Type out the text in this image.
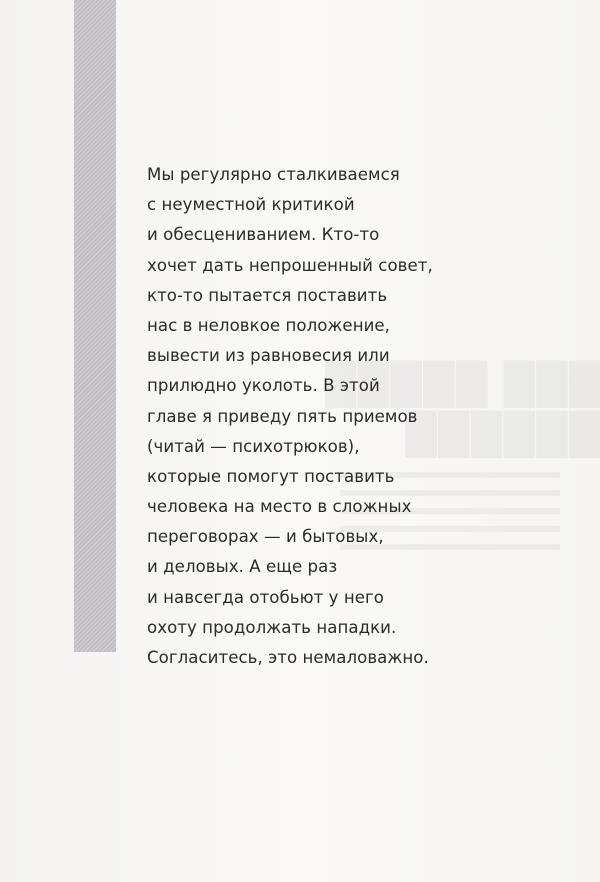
███ █████
██████
Мы регулярно сталкиваемся
с неуместной критикой
и обесцениванием. Кто-то
хочет дать непрошенный совет,
кто-то пытается поставить
нас в неловкое положение,
вывести из равновесия или
прилюдно уколоть. В этой
главе я приведу пять приемов
(читай — психотрюков),
которые помогут поставить
человека на место в сложных
переговорах — и бытовых,
и деловых. А еще раз
и навсегда отобьют у него
охоту продолжать нападки.
Согласитесь, это немаловажно.
